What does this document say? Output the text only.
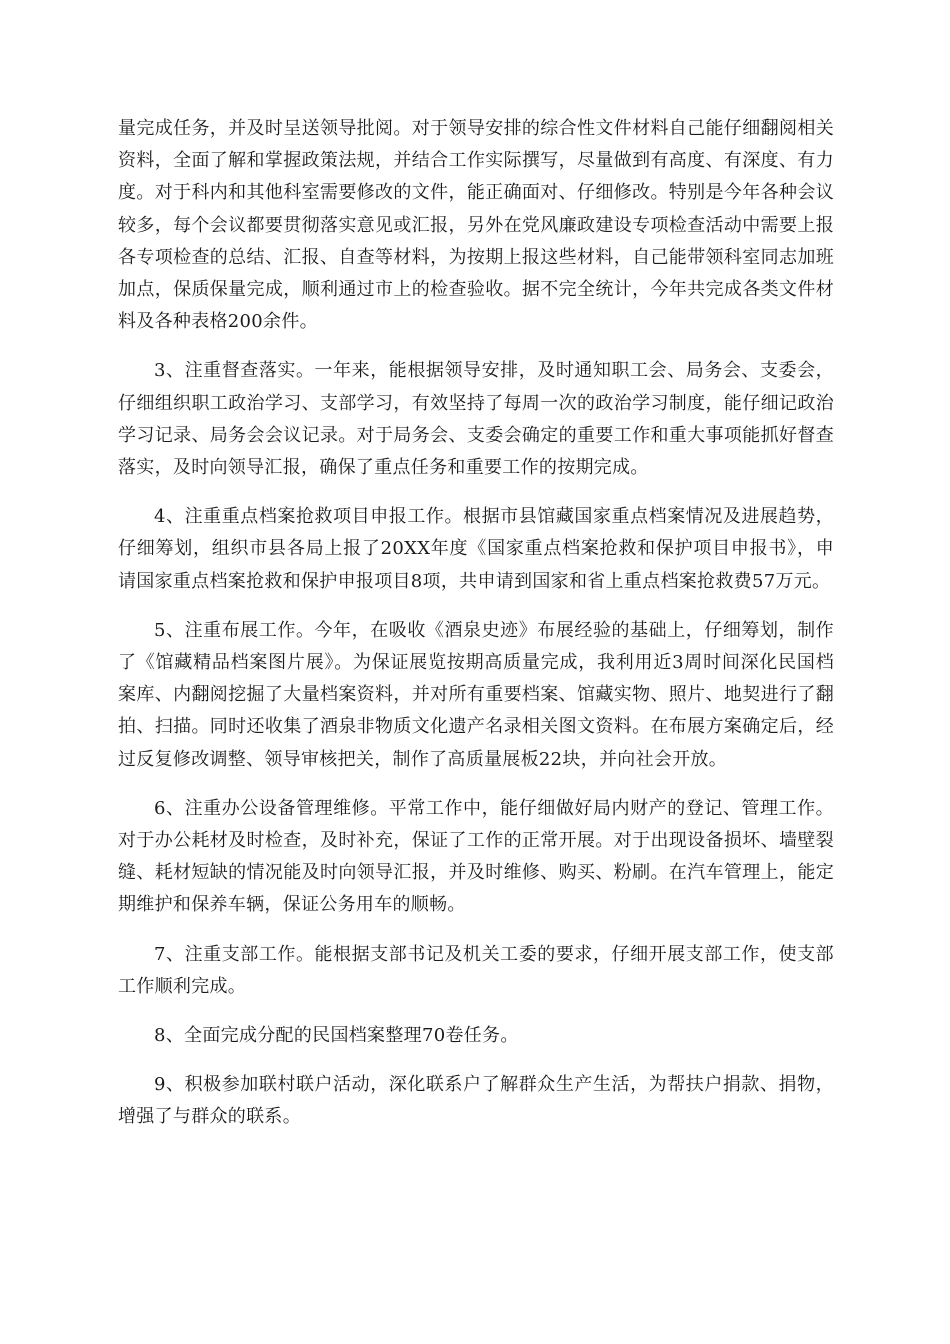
量完成任务，并及时呈送领导批阅。对于领导安排的综合性文件材料自己能仔细翻阅相关资料，全面了解和掌握政策法规，并结合工作实际撰写，尽量做到有高度、有深度、有力度。对于科内和其他科室需要修改的文件，能正确面对、仔细修改。特别是今年各种会议较多，每个会议都要贯彻落实意见或汇报，另外在党风廉政建设专项检查活动中需要上报各专项检查的总结、汇报、自查等材料，为按期上报这些材料，自己能带领科室同志加班加点，保质保量完成，顺利通过市上的检查验收。据不完全统计，今年共完成各类文件材料及各种表格200余件。

3、注重督查落实。一年来，能根据领导安排，及时通知职工会、局务会、支委会，仔细组织职工政治学习、支部学习，有效坚持了每周一次的政治学习制度，能仔细记政治学习记录、局务会会议记录。对于局务会、支委会确定的重要工作和重大事项能抓好督查落实，及时向领导汇报，确保了重点任务和重要工作的按期完成。

4、注重重点档案抢救项目申报工作。根据市县馆藏国家重点档案情况及进展趋势，仔细筹划，组织市县各局上报了20XX年度《国家重点档案抢救和保护项目申报书》，申请国家重点档案抢救和保护申报项目8项，共申请到国家和省上重点档案抢救费57万元。

5、注重布展工作。今年，在吸收《酒泉史迹》布展经验的基础上，仔细筹划，制作了《馆藏精品档案图片展》。为保证展览按期高质量完成，我利用近3周时间深化民国档案库、内翻阅挖掘了大量档案资料，并对所有重要档案、馆藏实物、照片、地契进行了翻拍、扫描。同时还收集了酒泉非物质文化遗产名录相关图文资料。在布展方案确定后，经过反复修改调整、领导审核把关，制作了高质量展板22块，并向社会开放。

6、注重办公设备管理维修。平常工作中，能仔细做好局内财产的登记、管理工作。对于办公耗材及时检查，及时补充，保证了工作的正常开展。对于出现设备损坏、墙壁裂缝、耗材短缺的情况能及时向领导汇报，并及时维修、购买、粉刷。在汽车管理上，能定期维护和保养车辆，保证公务用车的顺畅。

7、注重支部工作。能根据支部书记及机关工委的要求，仔细开展支部工作，使支部工作顺利完成。

8、全面完成分配的民国档案整理70卷任务。

9、积极参加联村联户活动，深化联系户了解群众生产生活，为帮扶户捐款、捐物，增强了与群众的联系。
